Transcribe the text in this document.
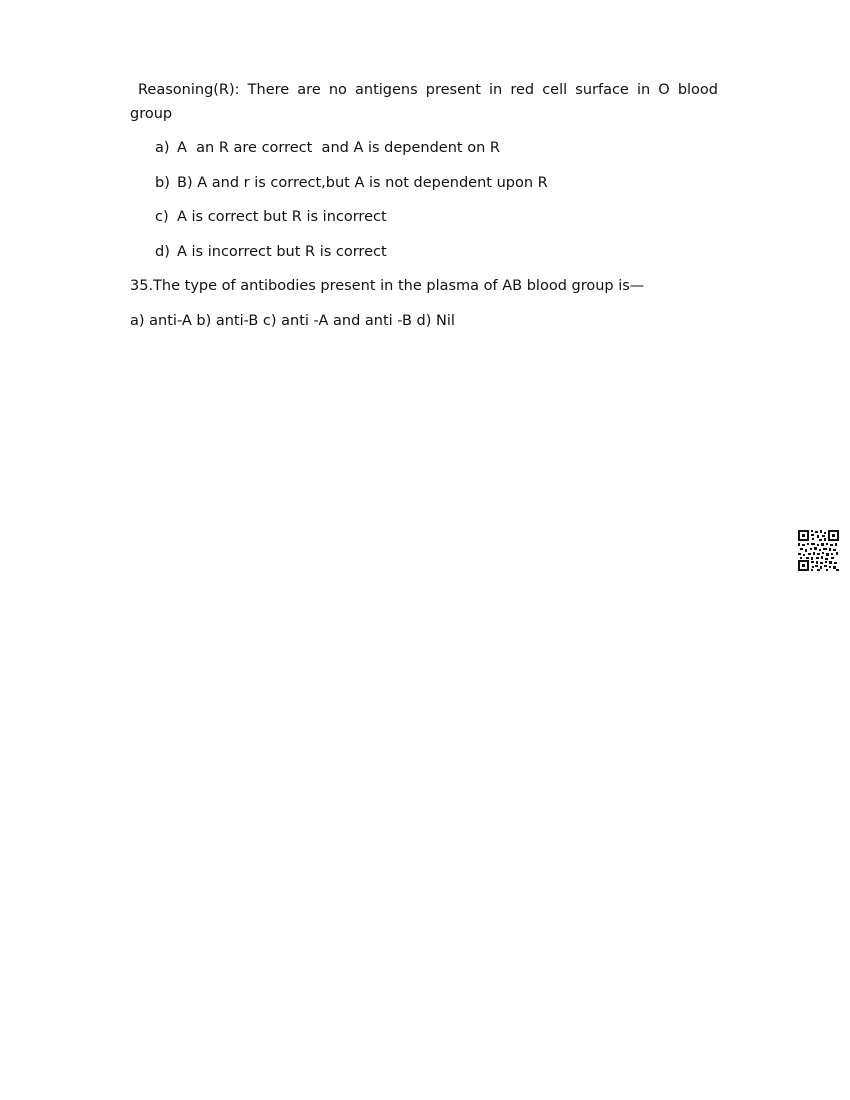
Reasoning(R): There are no antigens present in red cell surface in O blood group

a) A  an R are correct  and A is dependent on R
b) B) A and r is correct,but A is not dependent upon R
c) A is correct but R is incorrect
d) A is incorrect but R is correct
35.The type of antibodies present in the plasma of AB blood group is—
a) anti-A b) anti-B c) anti -A and anti -B d) Nil
